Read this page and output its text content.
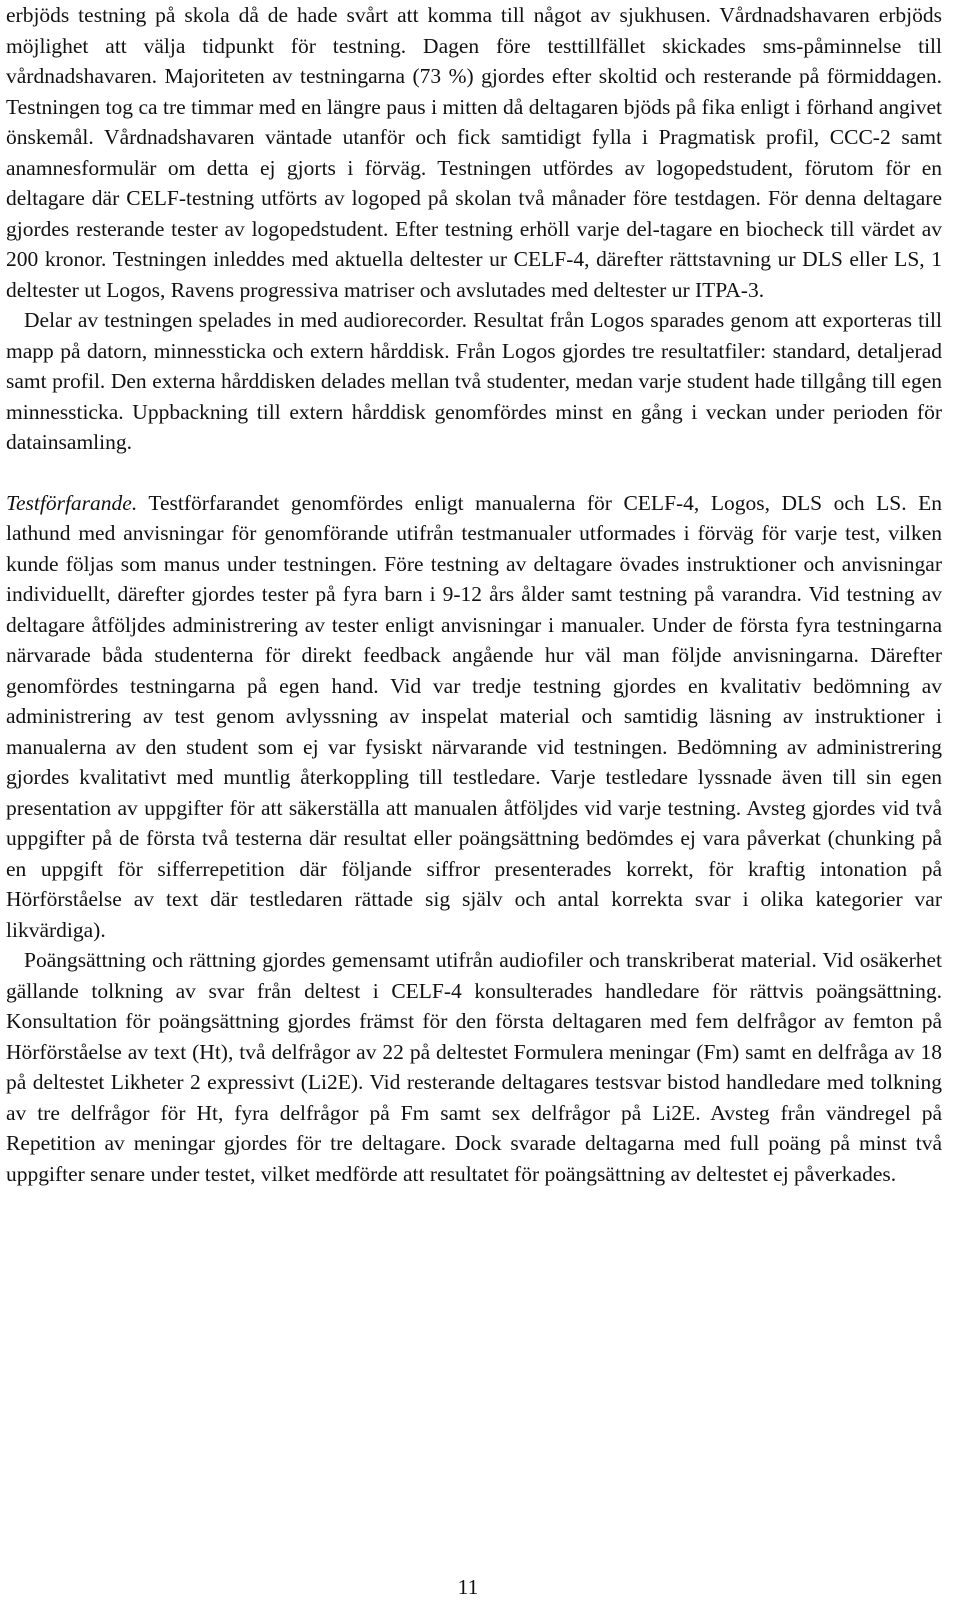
erbjöds testning på skola då de hade svårt att komma till något av sjukhusen. Vårdnadshavaren erbjöds möjlighet att välja tidpunkt för testning. Dagen före testtillfället skickades sms-påminnelse till vårdnadshavaren. Majoriteten av testningarna (73 %) gjordes efter skoltid och resterande på förmiddagen. Testningen tog ca tre timmar med en längre paus i mitten då deltagaren bjöds på fika enligt i förhand angivet önskemål. Vårdnadshavaren väntade utanför och fick samtidigt fylla i Pragmatisk profil, CCC-2 samt anamnesformulär om detta ej gjorts i förväg. Testningen utfördes av logopedstudent, förutom för en deltagare där CELF-testning utförts av logoped på skolan två månader före testdagen. För denna deltagare gjordes resterande tester av logopedstudent. Efter testning erhöll varje del-tagare en biocheck till värdet av 200 kronor. Testningen inleddes med aktuella deltester ur CELF-4, därefter rättstavning ur DLS eller LS, 1 deltester ut Logos, Ravens progressiva matriser och avslutades med deltester ur ITPA-3.

Delar av testningen spelades in med audiorecorder. Resultat från Logos sparades genom att exporteras till mapp på datorn, minnessticka och extern hårddisk. Från Logos gjordes tre resultatfiler: standard, detaljerad samt profil. Den externa hårddisken delades mellan två studenter, medan varje student hade tillgång till egen minnessticka. Uppbackning till extern hårddisk genomfördes minst en gång i veckan under perioden för datainsamling.

Testförfarande. Testförfarandet genomfördes enligt manualerna för CELF-4, Logos, DLS och LS. En lathund med anvisningar för genomförande utifrån testmanualer utformades i förväg för varje test, vilken kunde följas som manus under testningen. Före testning av deltagare övades instruktioner och anvisningar individuellt, därefter gjordes tester på fyra barn i 9-12 års ålder samt testning på varandra. Vid testning av deltagare åtföljdes administrering av tester enligt anvisningar i manualer. Under de första fyra testningarna närvarade båda studenterna för direkt feedback angående hur väl man följde anvisningarna. Därefter genomfördes testningarna på egen hand. Vid var tredje testning gjordes en kvalitativ bedömning av administrering av test genom avlyssning av inspelat material och samtidig läsning av instruktioner i manualerna av den student som ej var fysiskt närvarande vid testningen. Bedömning av administrering gjordes kvalitativt med muntlig återkoppling till testledare. Varje testledare lyssnade även till sin egen presentation av uppgifter för att säkerställa att manualen åtföljdes vid varje testning. Avsteg gjordes vid två uppgifter på de första två testerna där resultat eller poängsättning bedömdes ej vara påverkat (chunking på en uppgift för sifferrepetition där följande siffror presenterades korrekt, för kraftig intonation på Hörförståelse av text där testledaren rättade sig själv och antal korrekta svar i olika kategorier var likvärdiga).

Poängsättning och rättning gjordes gemensamt utifrån audiofiler och transkriberat material. Vid osäkerhet gällande tolkning av svar från deltest i CELF-4 konsulterades handledare för rättvis poängsättning. Konsultation för poängsättning gjordes främst för den första deltagaren med fem delfrågor av femton på Hörförståelse av text (Ht), två delfrågor av 22 på deltestet Formulera meningar (Fm) samt en delfråga av 18 på deltestet Likheter 2 expressivt (Li2E). Vid resterande deltagares testsvar bistod handledare med tolkning av tre delfrågor för Ht, fyra delfrågor på Fm samt sex delfrågor på Li2E. Avsteg från vändregel på Repetition av meningar gjordes för tre deltagare. Dock svarade deltagarna med full poäng på minst två uppgifter senare under testet, vilket medförde att resultatet för poängsättning av deltestet ej påverkades.

11
